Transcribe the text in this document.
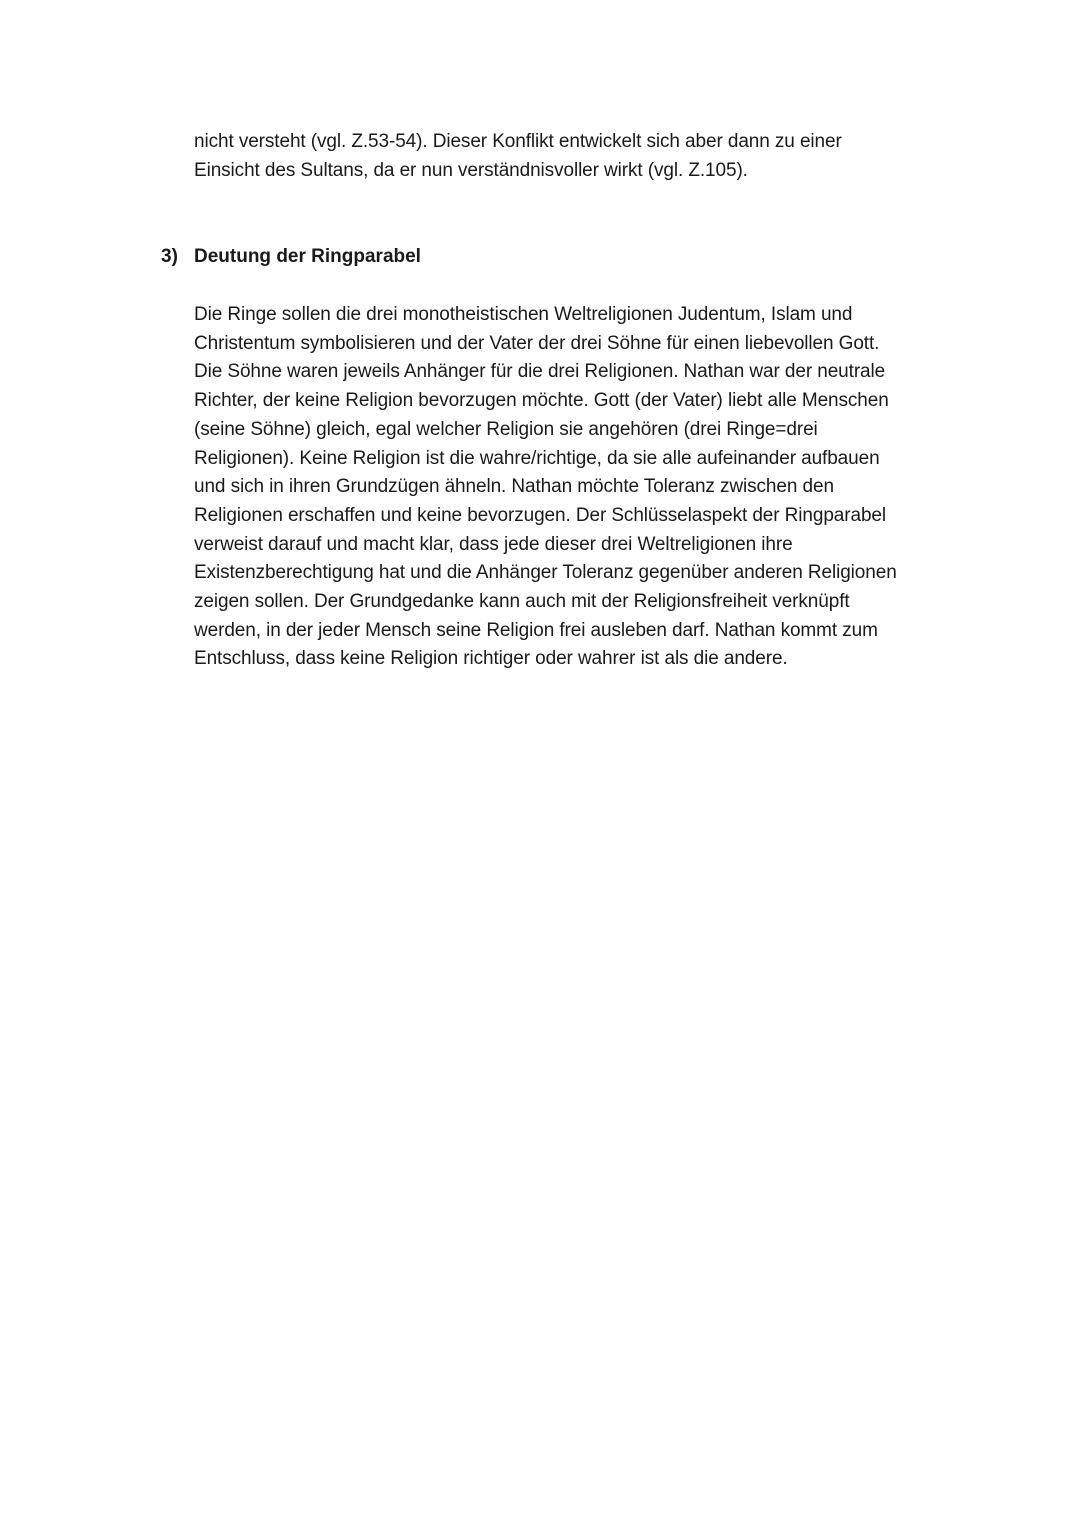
nicht versteht (vgl. Z.53-54). Dieser Konflikt entwickelt sich aber dann zu einer
Einsicht des Sultans, da er nun verständnisvoller wirkt (vgl. Z.105).
3) Deutung der Ringparabel
Die Ringe sollen die drei monotheistischen Weltreligionen Judentum, Islam und
Christentum symbolisieren und der Vater der drei Söhne für einen liebevollen Gott.
Die Söhne waren jeweils Anhänger für die drei Religionen. Nathan war der neutrale
Richter, der keine Religion bevorzugen möchte. Gott (der Vater) liebt alle Menschen
(seine Söhne) gleich, egal welcher Religion sie angehören (drei Ringe=drei
Religionen). Keine Religion ist die wahre/richtige, da sie alle aufeinander aufbauen
und sich in ihren Grundzügen ähneln. Nathan möchte Toleranz zwischen den
Religionen erschaffen und keine bevorzugen. Der Schlüsselaspekt der Ringparabel
verweist darauf und macht klar, dass jede dieser drei Weltreligionen ihre
Existenzberechtigung hat und die Anhänger Toleranz gegenüber anderen Religionen
zeigen sollen. Der Grundgedanke kann auch mit der Religionsfreiheit verknüpft
werden, in der jeder Mensch seine Religion frei ausleben darf. Nathan kommt zum
Entschluss, dass keine Religion richtiger oder wahrer ist als die andere.
